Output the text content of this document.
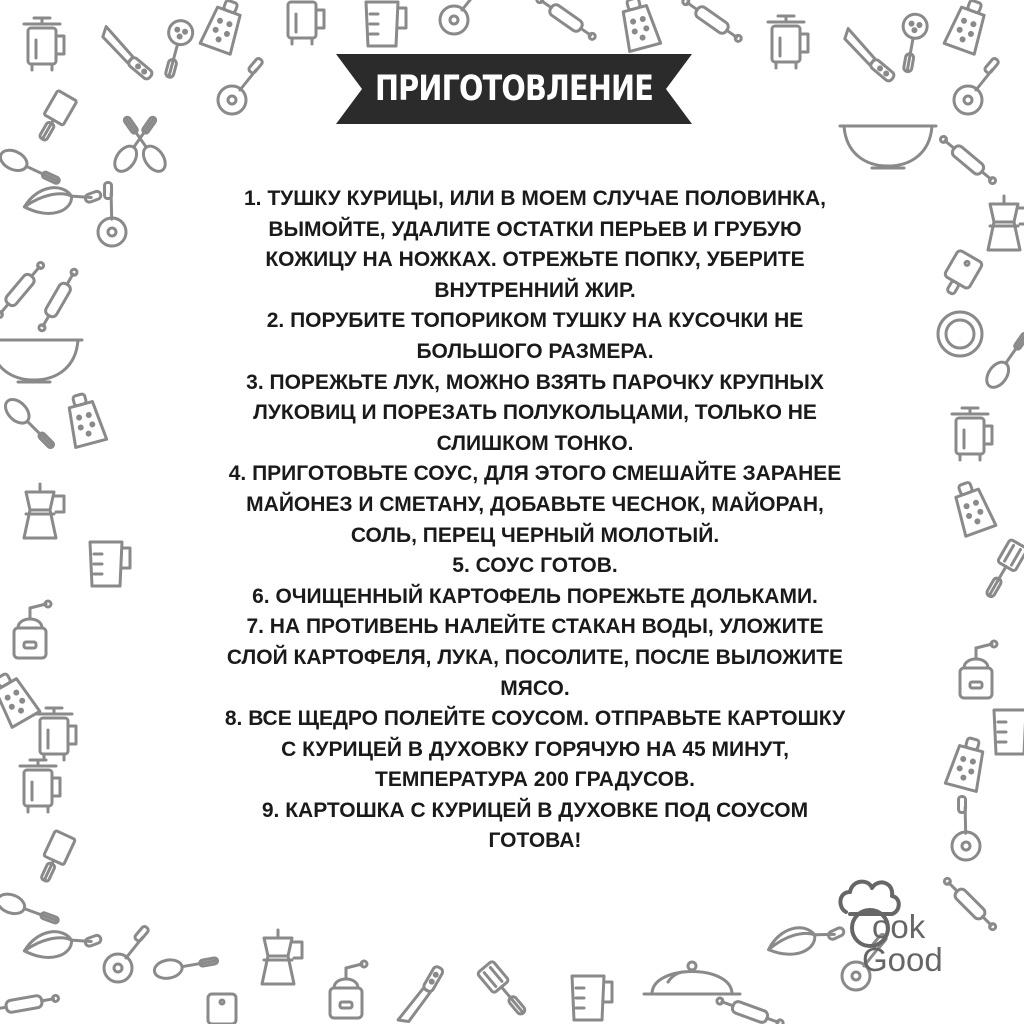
ПРИГОТОВЛЕНИЕ
1. ТУШКУ КУРИЦЫ, ИЛИ В МОЕМ СЛУЧАЕ ПОЛОВИНКА,
ВЫМОЙТЕ, УДАЛИТЕ ОСТАТКИ ПЕРЬЕВ И ГРУБУЮ
КОЖИЦУ НА НОЖКАХ. ОТРЕЖЬТЕ ПОПКУ, УБЕРИТЕ
ВНУТРЕННИЙ ЖИР.
2. ПОРУБИТЕ ТОПОРИКОМ ТУШКУ НА КУСОЧКИ НЕ
БОЛЬШОГО РАЗМЕРА.
3. ПОРЕЖЬТЕ ЛУК, МОЖНО ВЗЯТЬ ПАРОЧКУ КРУПНЫХ
ЛУКОВИЦ И ПОРЕЗАТЬ ПОЛУКОЛЬЦАМИ, ТОЛЬКО НЕ
СЛИШКОМ ТОНКО.
4. ПРИГОТОВЬТЕ СОУС, ДЛЯ ЭТОГО СМЕШАЙТЕ ЗАРАНЕЕ
МАЙОНЕЗ И СМЕТАНУ, ДОБАВЬТЕ ЧЕСНОК, МАЙОРАН,
СОЛЬ, ПЕРЕЦ ЧЕРНЫЙ МОЛОТЫЙ.
5. СОУС ГОТОВ.
6. ОЧИЩЕННЫЙ КАРТОФЕЛЬ ПОРЕЖЬТЕ ДОЛЬКАМИ.
7. НА ПРОТИВЕНЬ НАЛЕЙТЕ СТАКАН ВОДЫ, УЛОЖИТЕ
СЛОЙ КАРТОФЕЛЯ, ЛУКА, ПОСОЛИТЕ, ПОСЛЕ ВЫЛОЖИТЕ
МЯСО.
8. ВСЕ ЩЕДРО ПОЛЕЙТЕ СОУСОМ. ОТПРАВЬТЕ КАРТОШКУ
С КУРИЦЕЙ В ДУХОВКУ ГОРЯЧУЮ НА 45 МИНУТ,
ТЕМПЕРАТУРА 200 ГРАДУСОВ.
9. КАРТОШКА С КУРИЦЕЙ В ДУХОВКЕ ПОД СОУСОМ
ГОТОВА!
ook
Good
